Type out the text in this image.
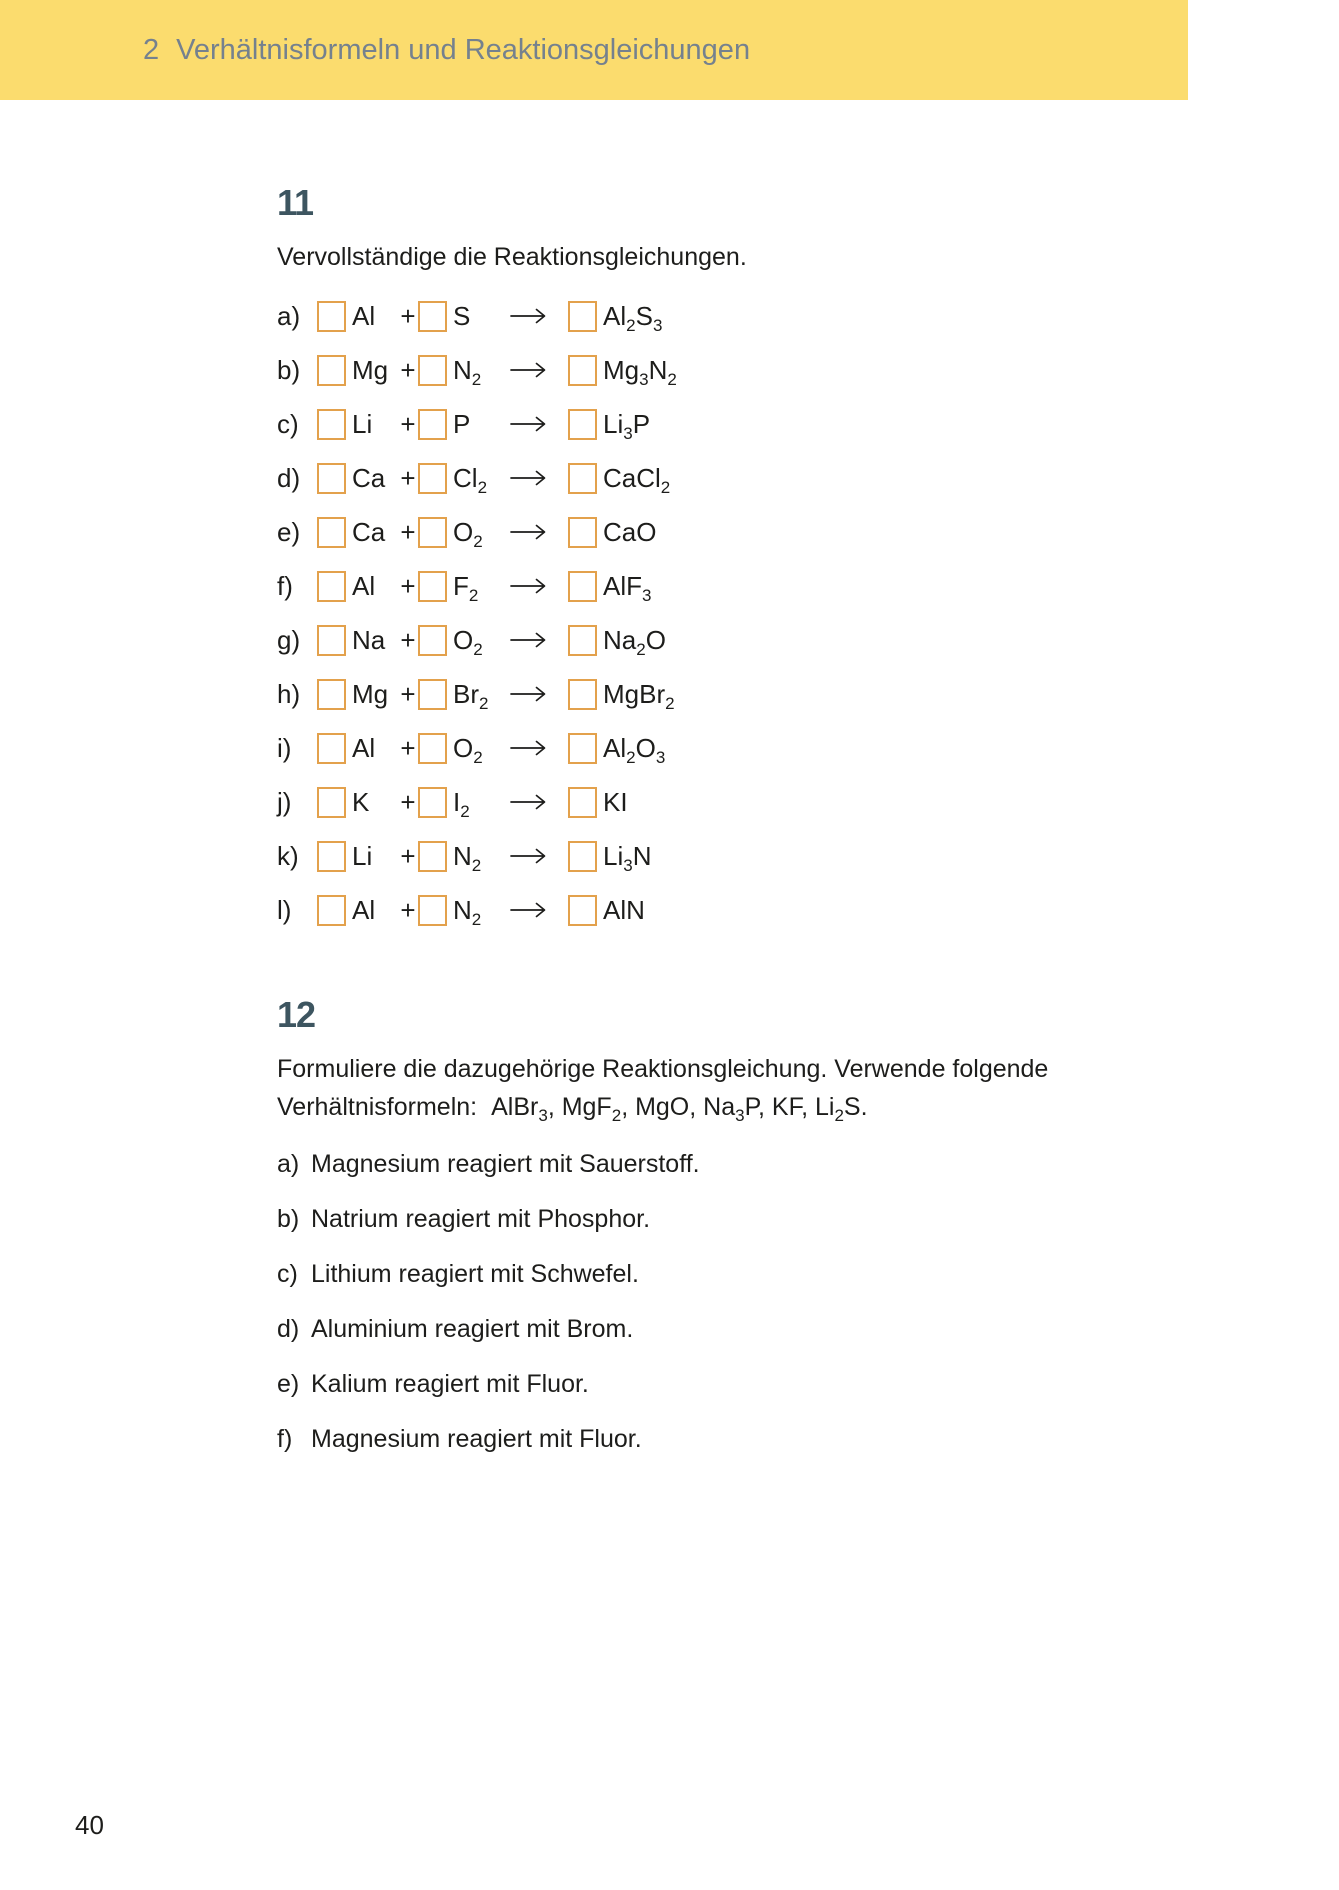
2 Verhältnisformeln und Reaktionsgleichungen
11

Vervollständige die Reaktionsgleichungen.

a)	Al + S	$Al_2S_3$
b)	$Mg + N_2$	$Mg_3N_2$
c)	Li	+ P	$Li_3P$
d)	$Ca + Cl_2$	CaCl$_2$
e)	$Ca + O_2$	CaO
f)	$Al + F_2$	AlF$_3$
g)	$Na + O_2$	$Na_2O$
h)	$Mg + Br_2$	MgBr$_2$
i)	$Al + O_2$	$Al_2O_3$
j)	K	+ $I_2$	KI
k)	Li	+ $N_2$	$Li_3N$
l)	$Al + N_2$	AlN
12

Formuliere die dazugehörige Reaktionsgleichung. Verwende folgende
Verhältnisformeln: AlBr$_3$, MgF$_2$, MgO, $Na_3P$, KF, $Li_2S$.

a) Magnesium reagiert mit Sauerstoff.
b) Natrium reagiert mit Phosphor.
c) Lithium reagiert mit Schwefel.
d) Aluminium reagiert mit Brom.
e) Kalium reagiert mit Fluor.
f) Magnesium reagiert mit Fluor.
40
